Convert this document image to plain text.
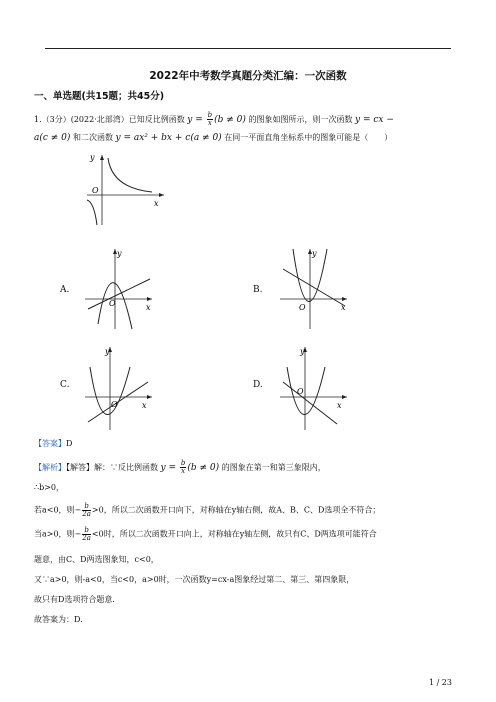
2022年中考数学真题分类汇编：一次函数
一、单选题(共15题；共45分)
1.（3分）(2022·北部湾）已知反比例函数 $y = \frac{b}{x} (b \ne 0)$ 的图象如图所示，则一次函数 y = cx −
a(c ≠ 0) 和二次函数 y = ax² + bx + c(a ≠ 0) 在同一平面直角坐标系中的图象可能是（　　）
y
O
x
A.
y
O	x
B.
y
O	x
C.
y
O	x
D.
y
O
x
【答案】D
【解析】【解答】解：∵反比例函数 $y = \frac{b}{x} (b \ne 0)$ 的图象在第一和第三象限内，
∴b>0，
若a<0，则− $\frac{b}{2a} >0$，所以二次函数开口向下，对称轴在y轴右侧，故A、B、C、D选项全不符合；
当a>0，则− $\frac{b}{2a} <0$时，所以二次函数开口向上，对称轴在y轴左侧，故只有C、D两选项可能符合
题意，由C、D两选图象知，c<0，
又∵a>0，则-a<0，当c<0，a>0时，一次函数y=cx-a图象经过第二、第三、第四象限，
故只有D选项符合题意.
故答案为：D.
1 / 23
